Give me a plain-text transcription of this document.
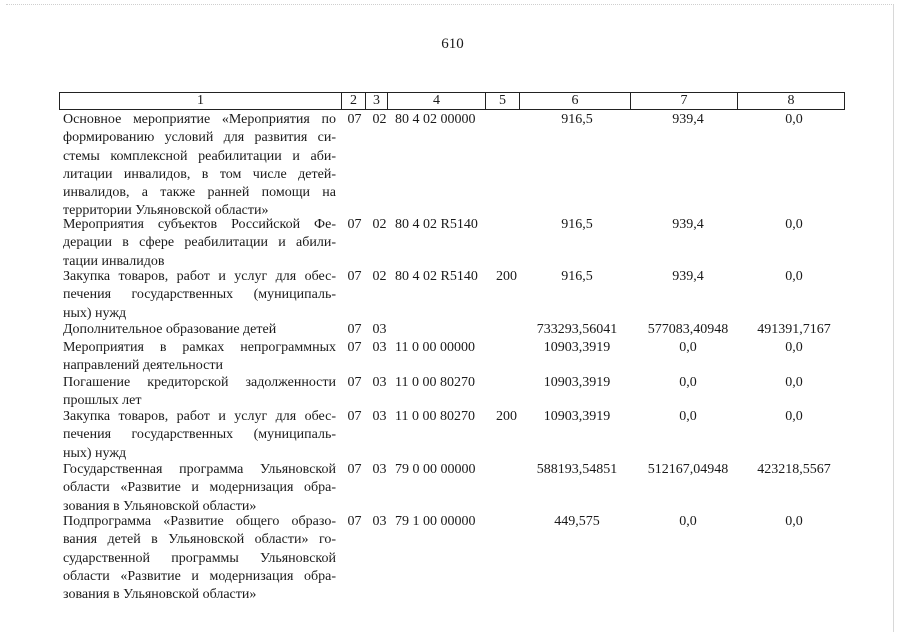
610
1	2	3	4	5	6	7	8
Основное мероприятие «Мероприятия по
формированию условий для развития си-
стемы комплексной реабилитации и аби-
литации инвалидов, в том числе детей-
инвалидов, а также ранней помощи на
территории Ульяновской области»
07 02 80 4 02 00000	916,5	939,4	0,0
Мероприятия субъектов Российской Фе-
дерации в сфере реабилитации и абили-
тации инвалидов
07 02 80 4 02 R5140	916,5	939,4	0,0
Закупка товаров, работ и услуг для обес-
печения государственных (муниципаль-
ных) нужд
07 02 80 4 02 R5140	200	916,5	939,4	0,0
Дополнительное образование детей	07 03	733293,56041	577083,40948	491391,7167
Мероприятия в рамках непрограммных
направлений деятельности
07 03 11 0 00 00000	10903,3919	0,0	0,0
Погашение кредиторской задолженности
прошлых лет
07 03 11 0 00 80270	10903,3919	0,0	0,0
Закупка товаров, работ и услуг для обес-
печения государственных (муниципаль-
ных) нужд
07 03 11 0 00 80270	200	10903,3919	0,0	0,0
Государственная программа Ульяновской
области «Развитие и модернизация обра-
зования в Ульяновской области»
07 03 79 0 00 00000	588193,54851	512167,04948	423218,5567
Подпрограмма «Развитие общего образо-
вания детей в Ульяновской области» го-
сударственной программы Ульяновской
области «Развитие и модернизация обра-
зования в Ульяновской области»
07 03 79 1 00 00000	449,575	0,0	0,0
